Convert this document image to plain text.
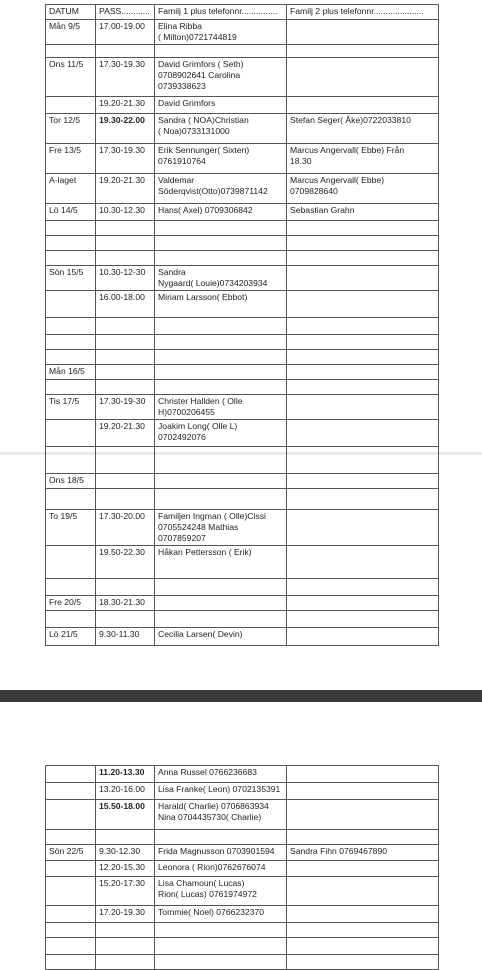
DATUM	PASS............	Familj 1 plus telefonnr...............	Familj 2 plus telefonnr.....................
Mån 9/5	17.00-19.00	Elina Ribba
( Milton)0721744819	

Ons 11/5	17.30-19.30	David Grimfors ( Seth)
0708902641 Carolina
0739338623	
	19.20-21.30	David Grimfors	
Tor 12/5	19.30-22.00	Sandra ( NOA)Christian
( Noa)0733131000	Stefan Seger( Åke)0722033810
Fre 13/5	17.30-19.30	Erik Sennunger( Sixten)
0761910764	Marcus Angervall( Ebbe) Från
18.30
A-laget	19.20-21.30	Valdemar
Söderqvist(Otto)0739871142	Marcus Angervall( Ebbe)
0709828640
Lö 14/5	10.30-12.30	Hans( Axel) 0709306842	Sebastian Grahn

Sön 15/5	10.30-12-30	Sandra
Nygaard( Louie)0734203934	
	16.00-18.00	Miriam Larsson( Ebbot)	

Mån 16/5			

Tis 17/5	17.30-19-30	Christer Hallden ( Olle
H)0700206455	
	19.20-21.30	Joakim Long( Olle L)
0702492076	

Ons 18/5			

To 19/5	17.30-20.00	Familjen Ingman ( Olle)Cissi
0705524248 Mathias
0707859207	
	19.50-22.30	Håkan Pettersson ( Erik)	

Fre 20/5	18.30-21.30		

Lö 21/5	9.30-11.30	Cecilia Larsen( Devin)	
	11.20-13.30	Anna Russel 0766236683	
	13.20-16.00	Lisa Franke( Leon) 0702135391	
	15.50-18.00	Harald( Charlie) 0706863934
Nina 0704435730( Charlie)	

Sön 22/5	9.30-12.30	Frida Magnusson 0703901594	Sandra Fihn 0769467890
	12.20-15.30	Leonora ( Rion)0762676074	
	15.20-17.30	Lisa Chamoun( Lucas)
Rion( Lucas) 0761974972	
	17.20-19.30	Tommie( Noel) 0766232370	
